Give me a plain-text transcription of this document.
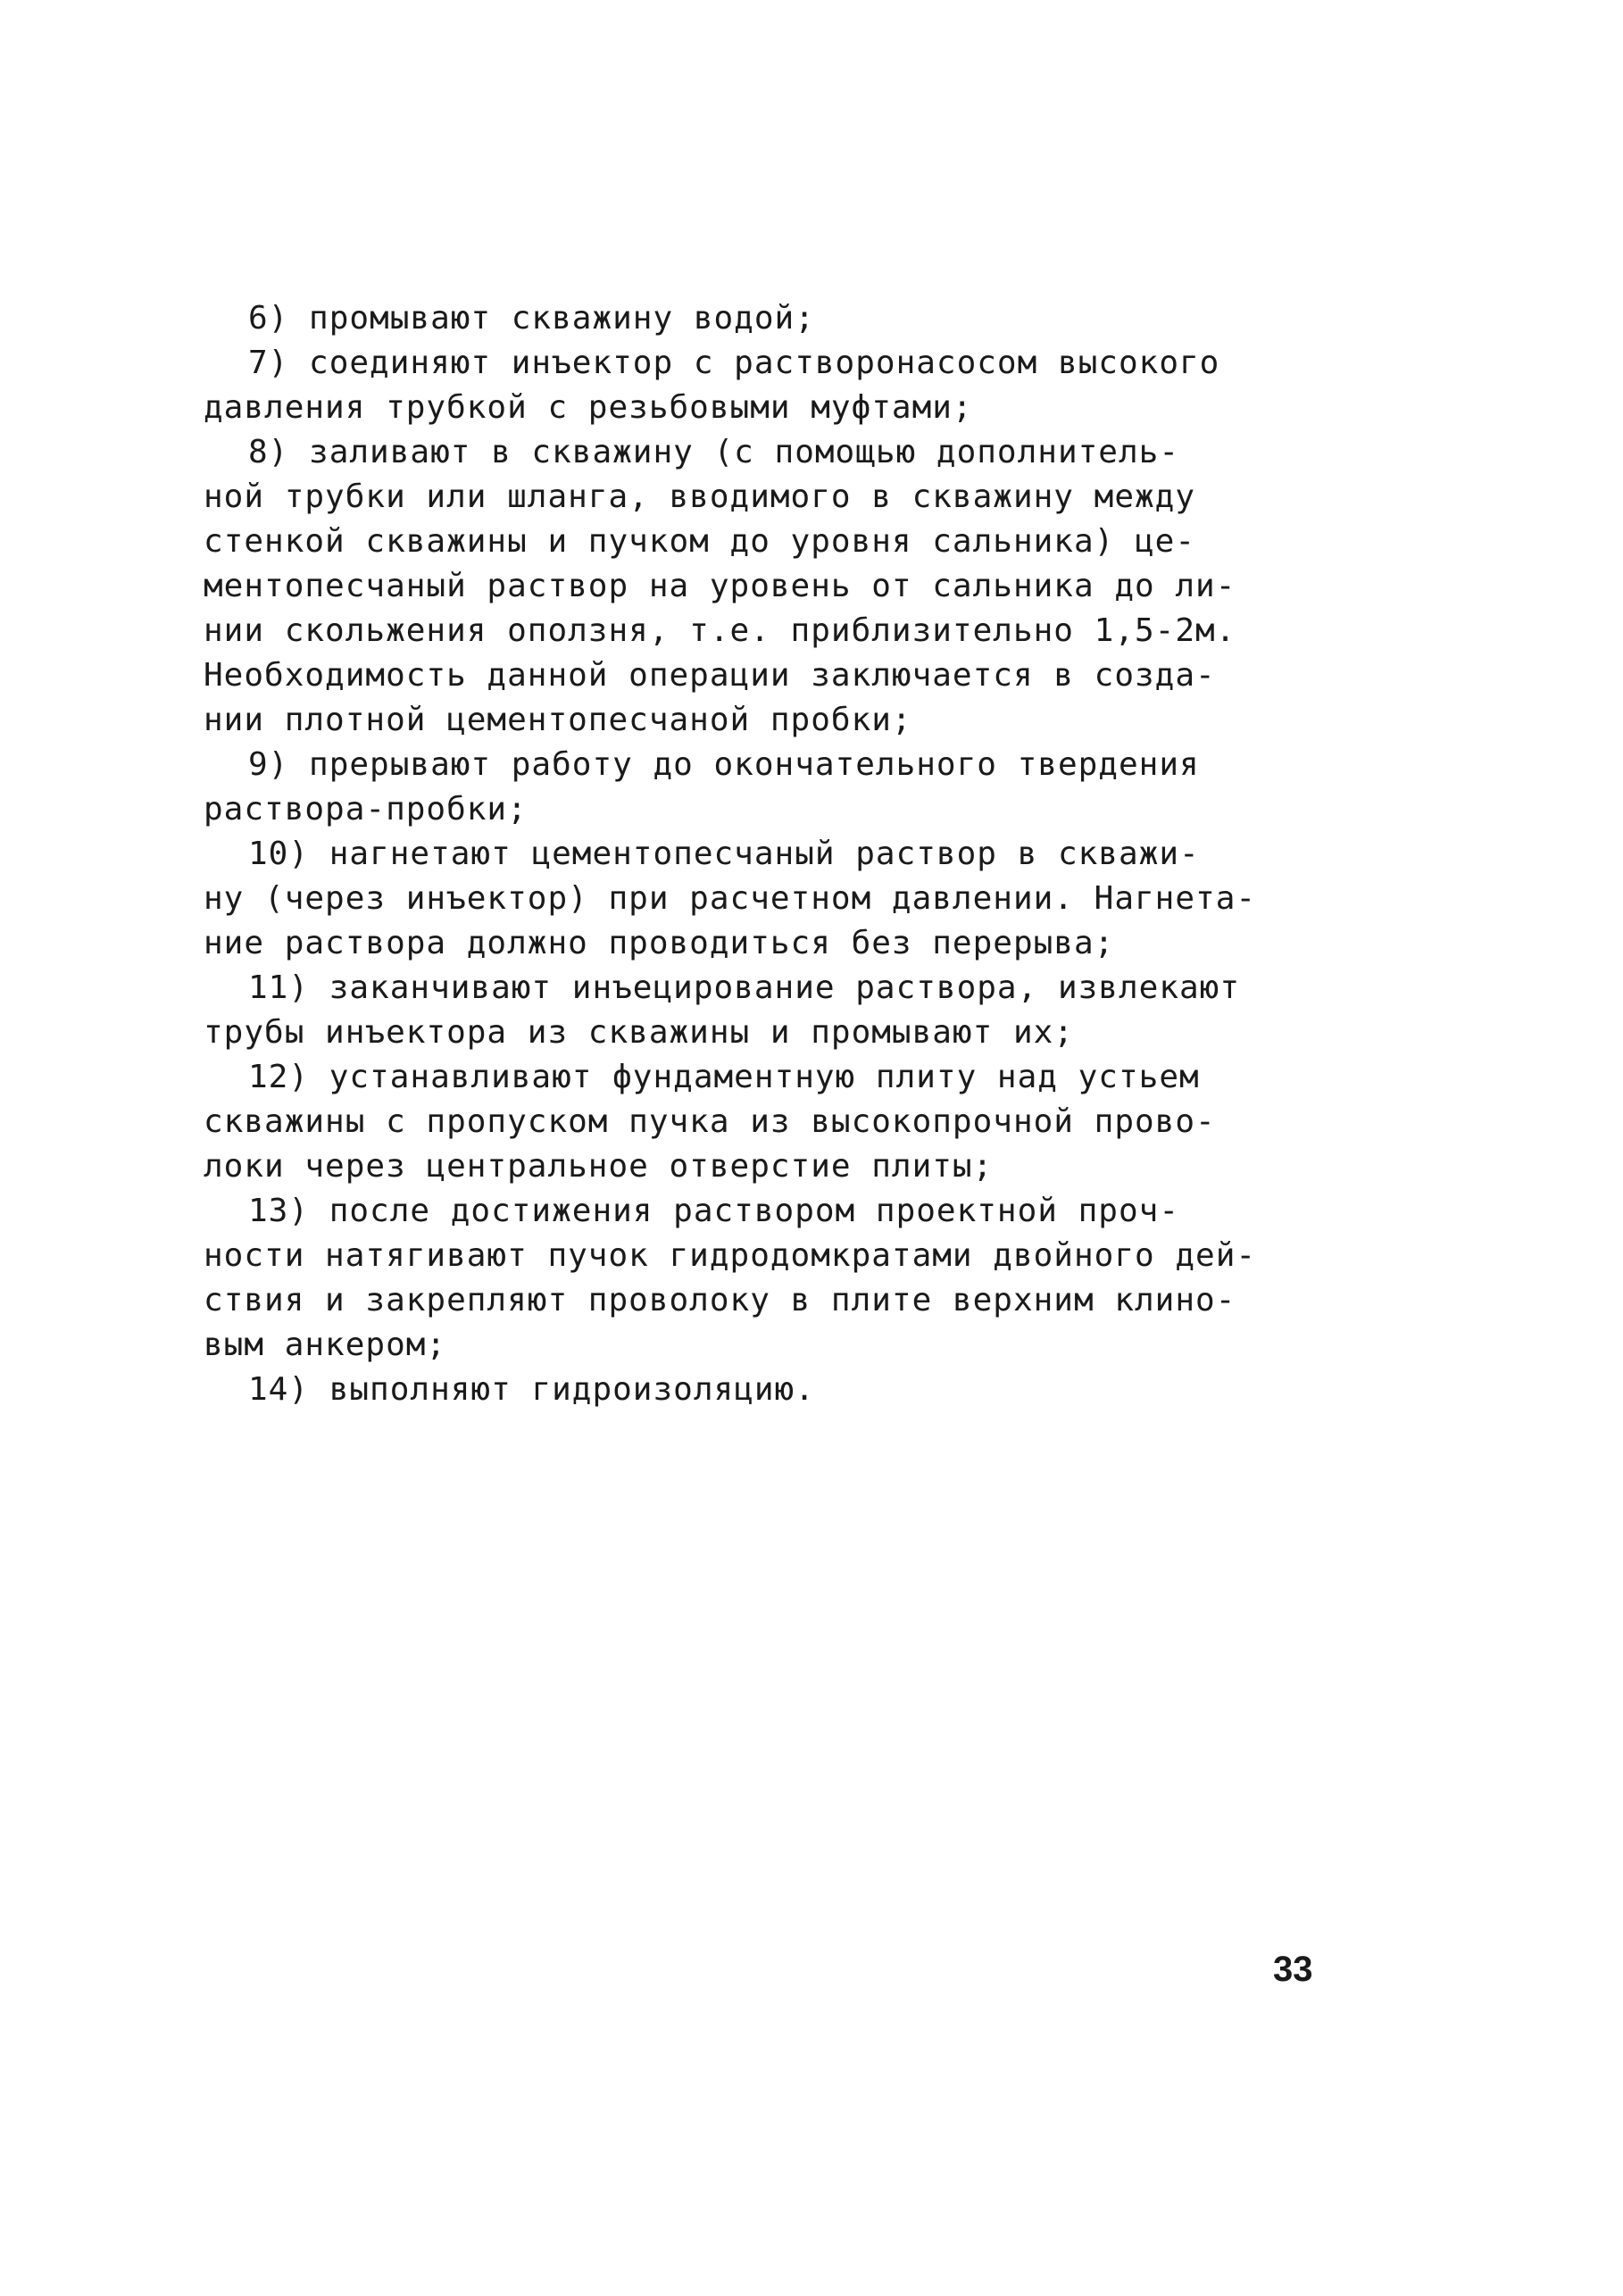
6) промывают скважину водой;
7) соединяют инъектор с растворонасосом высокого
давления трубкой с резьбовыми муфтами;
8) заливают в скважину (с помощью дополнитель-
ной трубки или шланга, вводимого в скважину между
стенкой скважины и пучком до уровня сальника) це-
ментопесчаный раствор на уровень от сальника до ли-
нии скольжения оползня, т.е. приблизительно 1,5-2м.
Необходимость данной операции заключается в созда-
нии плотной цементопесчаной пробки;
9) прерывают работу до окончательного твердения
раствора-пробки;
10) нагнетают цементопесчаный раствор в скважи-
ну (через инъектор) при расчетном давлении. Нагнета-
ние раствора должно проводиться без перерыва;
11) заканчивают инъецирование раствора, извлекают
трубы инъектора из скважины и промывают их;
12) устанавливают фундаментную плиту над устьем
скважины с пропуском пучка из высокопрочной прово-
локи через центральное отверстие плиты;
13) после достижения раствором проектной проч-
ности натягивают пучок гидродомкратами двойного дей-
ствия и закрепляют проволоку в плите верхним клино-
вым анкером;
14) выполняют гидроизоляцию.
33
